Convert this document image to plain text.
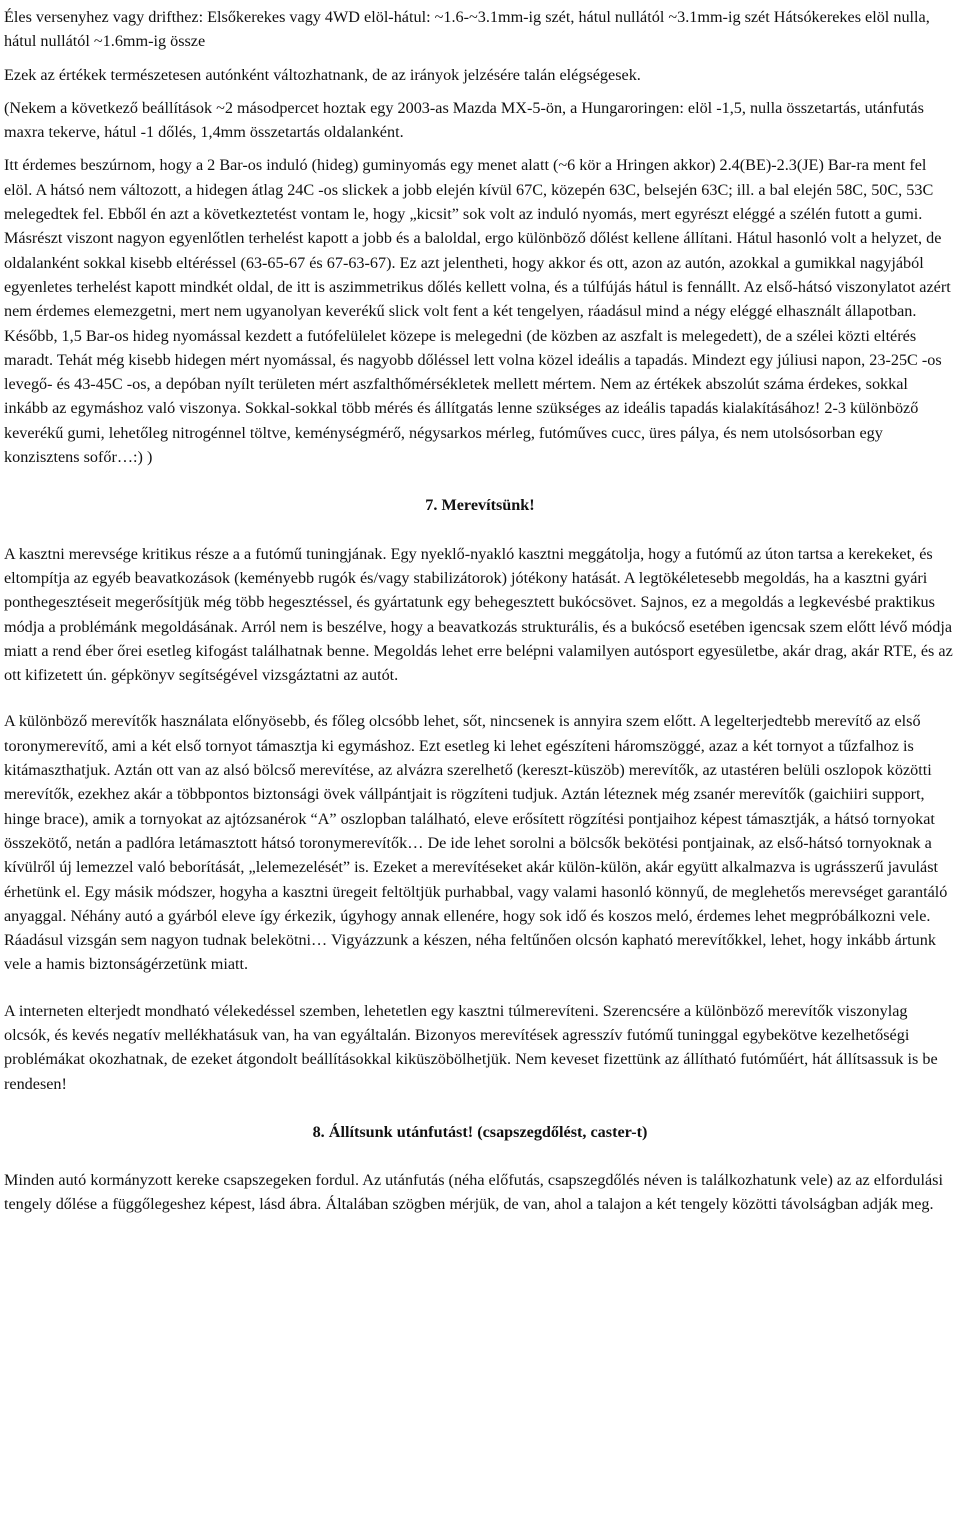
Éles versenyhez vagy drifthez: Elsőkerekes vagy 4WD elöl-hátul: ~1.6-~3.1mm-ig szét, hátul nullától ~3.1mm-ig szét Hátsókerekes elöl nulla, hátul nullától ~1.6mm-ig össze

Ezek az értékek természetesen autónként változhatnank, de az irányok jelzésére talán elégségesek.

(Nekem a következő beállítások ~2 másodpercet hoztak egy 2003-as Mazda MX-5-ön, a Hungaroringen: elöl -1,5, nulla összetartás, utánfutás maxra tekerve, hátul -1 dőlés, 1,4mm összetartás oldalanként.

Itt érdemes beszúrnom, hogy a 2 Bar-os induló (hideg) guminyomás egy menet alatt (~6 kör a Hringen akkor) 2.4(BE)-2.3(JE) Bar-ra ment fel elöl. A hátsó nem változott, a hidegen átlag 24C -os slickek a jobb elején kívül 67C, közepén 63C, belsején 63C; ill. a bal elején 58C, 50C, 53C melegedtek fel. Ebből én azt a következtetést vontam le, hogy „kicsit” sok volt az induló nyomás, mert egyrészt eléggé a szélén futott a gumi. Másrészt viszont nagyon egyenlőtlen terhelést kapott a jobb és a baloldal, ergo különböző dőlést kellene állítani. Hátul hasonló volt a helyzet, de oldalanként sokkal kisebb eltéréssel (63-65-67 és 67-63-67). Ez azt jelentheti, hogy akkor és ott, azon az autón, azokkal a gumikkal nagyjából egyenletes terhelést kapott mindkét oldal, de itt is aszimmetrikus dőlés kellett volna, és a túlfújás hátul is fennállt. Az első-hátsó viszonylatot azért nem érdemes elemezgetni, mert nem ugyanolyan keverékű slick volt fent a két tengelyen, ráadásul mind a négy eléggé elhasznált állapotban. Később, 1,5 Bar-os hideg nyomással kezdett a futófelülelet közepe is melegedni (de közben az aszfalt is melegedett), de a szélei közti eltérés maradt. Tehát még kisebb hidegen mért nyomással, és nagyobb dőléssel lett volna közel ideális a tapadás. Mindezt egy júliusi napon, 23-25C -os levegő- és 43-45C -os, a depóban nyílt területen mért aszfalthőmérsékletek mellett mértem. Nem az értékek abszolút száma érdekes, sokkal inkább az egymáshoz való viszonya. Sokkal-sokkal több mérés és állítgatás lenne szükséges az ideális tapadás kialakításához! 2-3 különböző keverékű gumi, lehetőleg nitrogénnel töltve, keménységmérő, négysarkos mérleg, futóműves cucc, üres pálya, és nem utolsósorban egy konzisztens sofőr…:) )

7. Merevítsünk!

A kasztni merevsége kritikus része a a futómű tuningjának. Egy nyeklő-nyakló kasztni meggátolja, hogy a futómű az úton tartsa a kerekeket, és eltompítja az egyéb beavatkozások (keményebb rugók és/vagy stabilizátorok) jótékony hatását. A legtökéletesebb megoldás, ha a kasztni gyári ponthegesztéseit megerősítjük még több hegesztéssel, és gyártatunk egy behegesztett bukócsövet. Sajnos, ez a megoldás a legkevésbé praktikus módja a problémánk megoldásának. Arról nem is beszélve, hogy a beavatkozás strukturális, és a bukócső esetében igencsak szem előtt lévő módja miatt a rend éber őrei esetleg kifogást találhatnak benne. Megoldás lehet erre belépni valamilyen autósport egyesületbe, akár drag, akár RTE, és az ott kifizetett ún. gépkönyv segítségével vizsgáztatni az autót.

A különböző merevítők használata előnyösebb, és főleg olcsóbb lehet, sőt, nincsenek is annyira szem előtt. A legelterjedtebb merevítő az első toronymerevítő, ami a két első tornyot támasztja ki egymáshoz. Ezt esetleg ki lehet egészíteni háromszöggé, azaz a két tornyot a tűzfalhoz is kitámaszthatjuk. Aztán ott van az alsó bölcső merevítése, az alvázra szerelhető (kereszt-küszöb) merevítők, az utastéren belüli oszlopok közötti merevítők, ezekhez akár a többpontos biztonsági övek vállpántjait is rögzíteni tudjuk. Aztán léteznek még zsanér merevítők (gaichiiri support, hinge brace), amik a tornyokat az ajtózsanérok “A” oszlopban található, eleve erősített rögzítési pontjaihoz képest támasztják, a hátsó tornyokat összekötő, netán a padlóra letámasztott hátsó toronymerevítők… De ide lehet sorolni a bölcsők bekötési pontjainak, az első-hátsó tornyoknak a kívülről új lemezzel való beborítását, „lelemezelését” is. Ezeket a merevítéseket akár külön-külön, akár együtt alkalmazva is ugrásszerű javulást érhetünk el. Egy másik módszer, hogyha a kasztni üregeit feltöltjük purhabbal, vagy valami hasonló könnyű, de meglehetős merevséget garantáló anyaggal. Néhány autó a gyárból eleve így érkezik, úgyhogy annak ellenére, hogy sok idő és koszos meló, érdemes lehet megpróbálkozni vele. Ráadásul vizsgán sem nagyon tudnak belekötni… Vigyázzunk a készen, néha feltűnően olcsón kapható merevítőkkel, lehet, hogy inkább ártunk vele a hamis biztonságérzetünk miatt.

A interneten elterjedt mondható vélekedéssel szemben, lehetetlen egy kasztni túlmerevíteni. Szerencsére a különböző merevítők viszonylag olcsók, és kevés negatív mellékhatásuk van, ha van egyáltalán. Bizonyos merevítések agresszív futómű tuninggal egybekötve kezelhetőségi problémákat okozhatnak, de ezeket átgondolt beállításokkal kiküszöbölhetjük. Nem keveset fizettünk az állítható futóműért, hát állítsassuk is be rendesen!

8. Állítsunk utánfutást! (csapszegdőlést, caster-t)

Minden autó kormányzott kereke csapszegeken fordul. Az utánfutás (néha előfutás, csapszegdőlés néven is találkozhatunk vele) az az elfordulási tengely dőlése a függőlegeshez képest, lásd ábra. Általában szögben mérjük, de van, ahol a talajon a két tengely közötti távolságban adják meg.
